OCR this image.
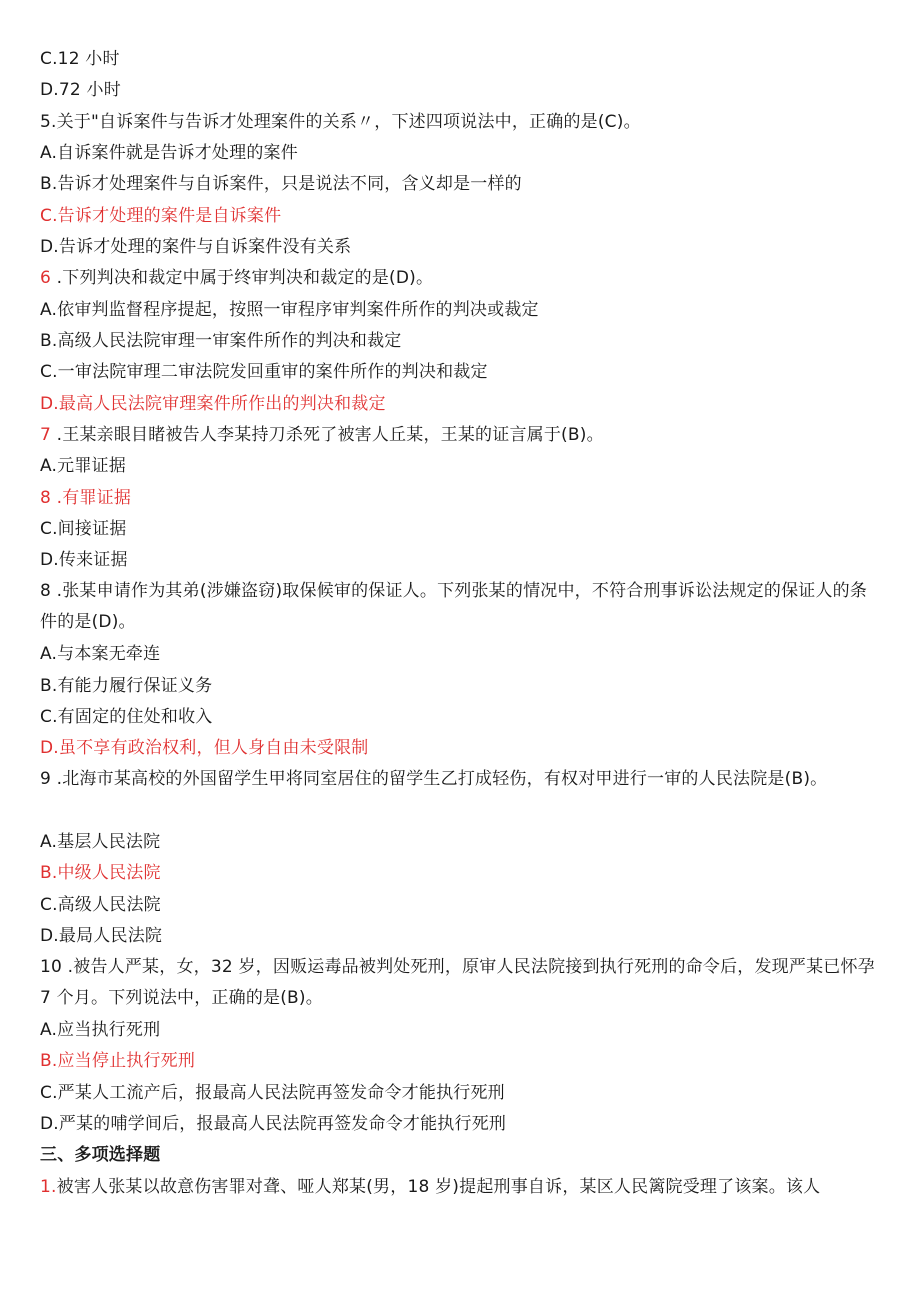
C.12 小时
D.72 小时
5.关于"自诉案件与告诉才处理案件的关系〃，下述四项说法中，正确的是(C)。
A.自诉案件就是告诉才处理的案件
B.告诉才处理案件与自诉案件，只是说法不同，含义却是一样的
C.告诉才处理的案件是自诉案件
D.告诉才处理的案件与自诉案件没有关系
6 .下列判决和裁定中属于终审判决和裁定的是(D)。
A.依审判监督程序提起，按照一审程序审判案件所作的判决或裁定
B.高级人民法院审理一审案件所作的判决和裁定
C.一审法院审理二审法院发回重审的案件所作的判决和裁定
D.最高人民法院审理案件所作出的判决和裁定
7 .王某亲眼目睹被告人李某持刀杀死了被害人丘某，王某的证言属于(B)。
A.元罪证据
8 .有罪证据
C.间接证据
D.传来证据
8 .张某申请作为其弟(涉嫌盗窃)取保候审的保证人。下列张某的情况中，不符合刑事诉讼法规定的保证人的条件的是(D)。
A.与本案无牵连
B.有能力履行保证义务
C.有固定的住处和收入
D.虽不享有政治权利，但人身自由未受限制
9 .北海市某高校的外国留学生甲将同室居住的留学生乙打成轻伤，有权对甲进行一审的人民法院是(B)。
A.基层人民法院
B.中级人民法院
C.高级人民法院
D.最局人民法院
10 .被告人严某，女，32 岁，因贩运毒品被判处死刑，原审人民法院接到执行死刑的命令后，发现严某已怀孕 7 个月。下列说法中，正确的是(B)。
A.应当执行死刑
B.应当停止执行死刑
C.严某人工流产后，报最高人民法院再签发命令才能执行死刑
D.严某的哺学间后，报最高人民法院再签发命令才能执行死刑
三、多项选择题
1.被害人张某以故意伤害罪对聋、哑人郑某(男，18 岁)提起刑事自诉，某区人民篱院受理了该案。该人
